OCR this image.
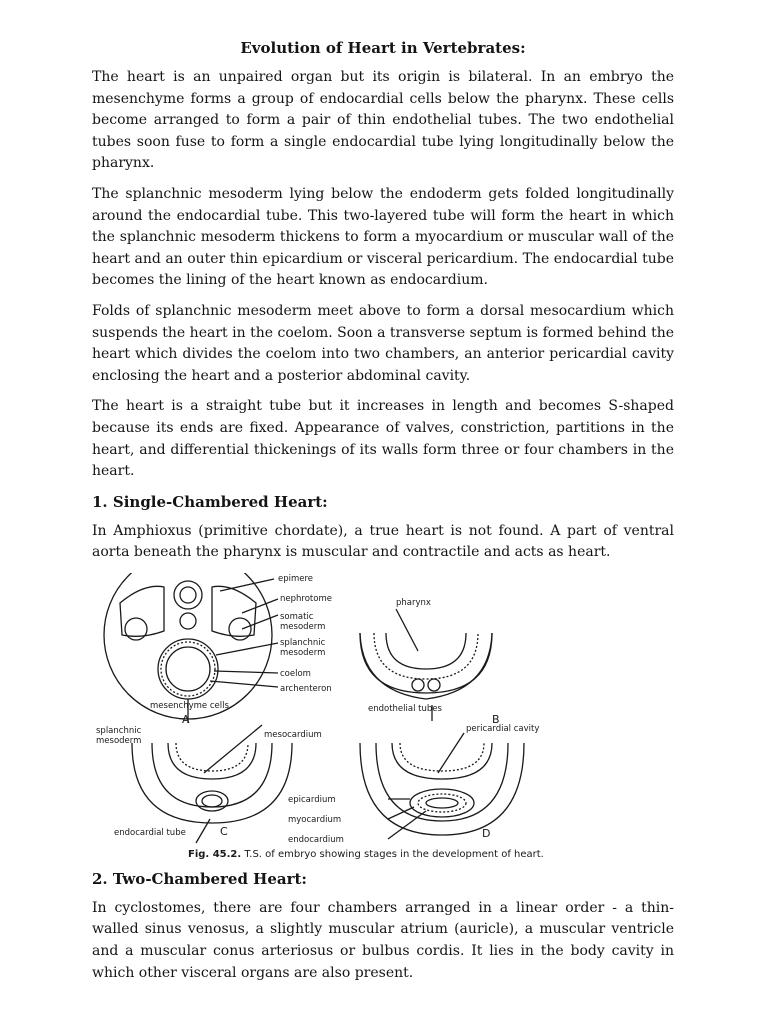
Evolution of Heart in Vertebrates:

The heart is an unpaired organ but its origin is bilateral. In an embryo the mesenchyme forms a group of endocardial cells below the pharynx. These cells become arranged to form a pair of thin endothelial tubes. The two endothelial tubes soon fuse to form a single endocardial tube lying longitudinally below the pharynx.

The splanchnic mesoderm lying below the endoderm gets folded longitudinally around the endocardial tube. This two-layered tube will form the heart in which the splanchnic mesoderm thickens to form a myocardium or muscular wall of the heart and an outer thin epicardium or visceral pericardium. The endocardial tube becomes the lining of the heart known as endocardium.

Folds of splanchnic mesoderm meet above to form a dorsal mesocardium which suspends the heart in the coelom. Soon a transverse septum is formed behind the heart which divides the coelom into two chambers, an anterior pericardial cavity enclosing the heart and a posterior abdominal cavity.

The heart is a straight tube but it increases in length and becomes S-shaped because its ends are fixed. Appearance of valves, constriction, partitions in the heart, and differential thickenings of its walls form three or four chambers in the heart.

1. Single-Chambered Heart:

In Amphioxus (primitive chordate), a true heart is not found. A part of ventral aorta beneath the pharynx is muscular and contractile and acts as heart.

epimere
nephrotome
somatic
mesoderm
splanchnic
mesoderm
coelom
archenteron
mesenchyme cells
A
pharynx
endothelial tubes
B
splanchnic
mesoderm
mesocardium
endocardial tube	C
pericardial cavity
epicardium
myocardium
endocardium	D
Fig. 45.2. T.S. of embryo showing stages in the development of heart.
2. Two-Chambered Heart:

In cyclostomes, there are four chambers arranged in a linear order - a thin-walled sinus venosus, a slightly muscular atrium (auricle), a muscular ventricle and a muscular conus arteriosus or bulbus cordis. It lies in the body cavity in which other visceral organs are also present.
